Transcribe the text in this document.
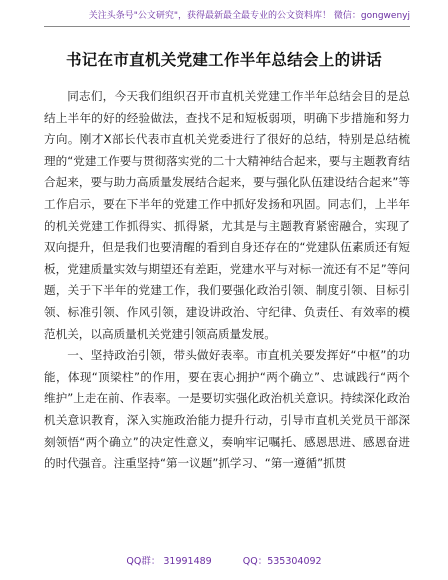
关注头条号"公文研究"，获得最新最全最专业的公文资料库！ 微信：gongwenyj
书记在市直机关党建工作半年总结会上的讲话

同志们，今天我们组织召开市直机关党建工作半年总结会目的是总结上半年的好的经验做法，查找不足和短板弱项，明确下步措施和努力方向。刚才X部长代表市直机关党委进行了很好的总结，特别是总结梳理的“党建工作要与贯彻落实党的二十大精神结合起来，要与主题教育结合起来，要与助力高质量发展结合起来，要与强化队伍建设结合起来”等工作启示，要在下半年的党建工作中抓好发扬和巩固。同志们，上半年的机关党建工作抓得实、抓得紧，尤其是与主题教育紧密融合，实现了双向提升，但是我们也要清醒的看到自身还存在的“党建队伍素质还有短板，党建质量实效与期望还有差距，党建水平与对标一流还有不足”等问题，关于下半年的党建工作，我们要强化政治引领、制度引领、目标引领、标准引领、作风引领，建设讲政治、守纪律、负责任、有效率的模范机关，以高质量机关党建引领高质量发展。

一、坚持政治引领，带头做好表率。市直机关要发挥好“中枢”的功能，体现“顶梁柱”的作用，要在衷心拥护“两个确立”、忠诚践行“两个维护”上走在前、作表率。一是要切实强化政治机关意识。持续深化政治机关意识教育，深入实施政治能力提升行动，引导市直机关党员干部深刻领悟“两个确立”的决定性意义，奏响牢记嘱托、感恩思进、感恩奋进的时代强音。注重坚持“第一议题”抓学习、“第一遵循”抓贯

QQ群： 31991489	QQ：535304092
